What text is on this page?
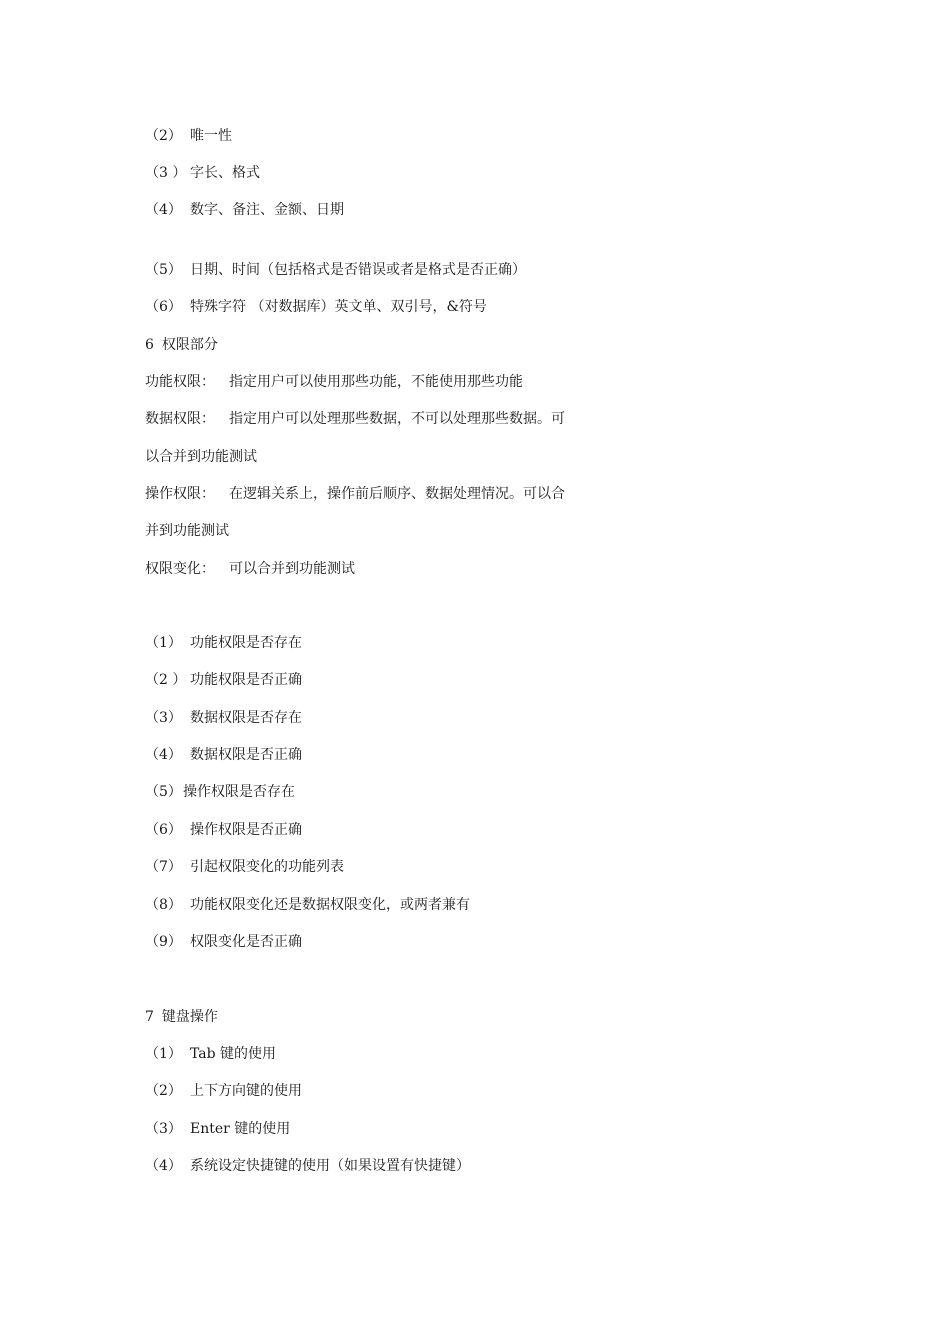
（2） 唯一性
（3 ） 字长、格式
（4） 数字、备注、金额、日期
（5） 日期、时间（包括格式是否错误或者是格式是否正确）
（6） 特殊字符 （对数据库）英文单、双引号，&符号
6 权限部分
功能权限： 指定用户可以使用那些功能，不能使用那些功能
数据权限： 指定用户可以处理那些数据，不可以处理那些数据。可
以合并到功能测试
操作权限： 在逻辑关系上，操作前后顺序、数据处理情况。可以合
并到功能测试
权限变化： 可以合并到功能测试
（1） 功能权限是否存在
（2 ） 功能权限是否正确
（3） 数据权限是否存在
（4） 数据权限是否正确
（5）操作权限是否存在
（6） 操作权限是否正确
（7） 引起权限变化的功能列表
（8） 功能权限变化还是数据权限变化，或两者兼有
（9） 权限变化是否正确
7 键盘操作
（1） Tab 键的使用
（2） 上下方向键的使用
（3） Enter 键的使用
（4） 系统设定快捷键的使用（如果设置有快捷键）
